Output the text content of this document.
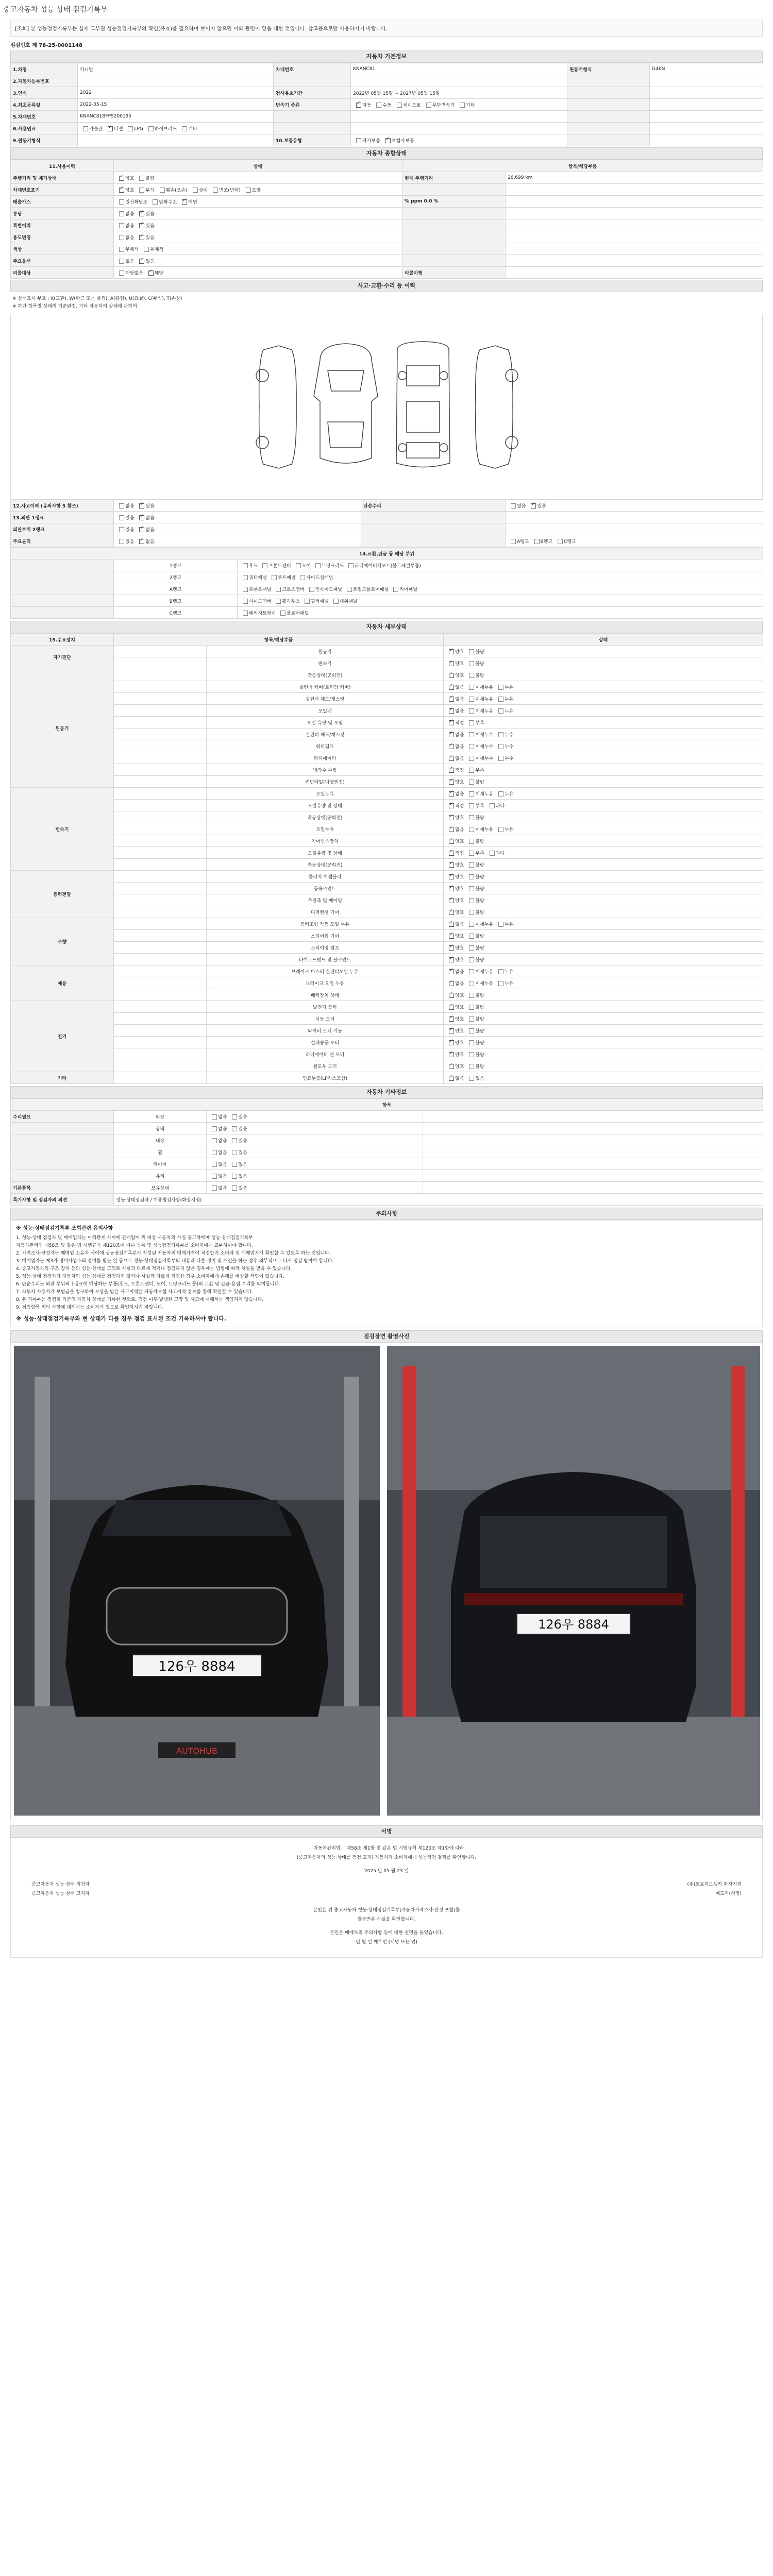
중고자동차 성능 상태 점검기록부
[조회] 본 성능점검기록부는 실제 교부된 성능점검기록부의 확인(유효)을 필요하며 보이지 않으면 이와 관련이 없음 대한 것입니다. 참고용으로만 사용하시기 바랍니다.
점검번호 제 78-25-0001148
자동차 기본정보
1.차명	카니발	차대번호	KNANC81	원동기형식	G4KN
2.자동차등록번호					
3.연식	2022	검사유효기간	2022년 05월 15일 ~ 2027년 05월 15일		
4.최초등록일	2022-05-15	변속기 종류	✓자동 수동 세미오토 무단변속기 기타		
5.차대번호	KNANC81BFPS200195				
6.사용연료	가솔린 ✓ 디젤 LPG 하이브리드 기타				
9.원동기형식		10.보증유형	자가보증 ✓ 보험사보증		
자동차 종합상태
11.사용이력	상태	항목/해당부품	
주행거리 및 계기상태	✓양호 불량	현재 주행거리	26,699 km
차대번호표기	✓양호 부식 훼손(오손) 상이 변조(변타) 도말		
배출가스	일산화탄소 탄화수소 ✓ 매연	% ppm 0.0 %	
튜닝	없음 ✓ 있음		
특별이력	없음 ✓ 있음		
용도변경	없음 ✓ 있음		
색상	무채색 유채색		
주요옵션	없음 ✓ 있음		
리콜대상	해당없음 ✓ 해당	리콜이행	
사고·교환·수리 등 이력
※ 상태표시 부호 : X(교환), W(판금 또는 용접), A(흠집), U(요철), C(부식), T(손상)
※ 하단 항목별 상태의 기준판정, 기타 자동차의 상태에 관하여
12.사고이력 (유의사항 5 참조)	없음 ✓ 있음	단순수리	없음 ✓ 있음
13.외판 1랭크	있음 ✓ 없음		
외판부위 2랭크	있음 ✓ 없음		
주요골격	있음 ✓ 없음		A랭크 B랭크 C랭크
14.교환,판금 등 해당 부위		
	1랭크	후드 프론트펜더 도어 트렁크리드 라디에이터서포트(볼트체결부품)
	2랭크	쿼터패널 루프패널 사이드실패널
	A랭크	프론트패널 크로스멤버 인사이드패널 트렁크플로어패널 리어패널
	B랭크	사이드멤버 휠하우스 필러패널 대쉬패널
	C랭크	패키지트레이 플로어패널
자동차 세부상태
15.주요장치	항목/해당부품		상태
자기진단		원동기	✓양호 불량
		변속기	✓양호 불량
원동기		작동상태(공회전)	✓양호 불량
		실린더 커버(로커암 커버)	✓없음 미세누유 누유
		실린더 헤드/개스킷	✓없음 미세누유 누유
		오일팬	✓없음 미세누유 누유
		오일 유량 및 오염	✓적정 부족
		실린더 헤드/개스킷	✓없음 미세누수 누수
		워터펌프	✓없음 미세누수 누수
		라디에이터	✓없음 미세누수 누수
		냉각수 수량	✓적정 부족
		커먼레일(디젤엔진)	✓양호 불량
변속기		오일누유	✓없음 미세누유 누유
		오일유량 및 상태	✓적정 부족 과다
		작동상태(공회전)	✓양호 불량
		오일누유	✓없음 미세누유 누유
		기어변속장치	✓양호 불량
		오일유량 및 상태	✓적정 부족 과다
		작동상태(공회전)	✓양호 불량
동력전달		클러치 어셈블리	✓양호 불량
		등속조인트	✓양호 불량
		추진축 및 베어링	✓양호 불량
		디퍼렌셜 기어	✓양호 불량
조향		동력조향 작동 오일 누유	✓없음 미세누유 누유
		스티어링 기어	✓양호 불량
		스티어링 펌프	✓양호 불량
		타이로드엔드 및 볼조인트	✓양호 불량
제동		브레이크 마스터 실린더오일 누유	✓없음 미세누유 누유
		브레이크 오일 누유	✓없음 미세누유 누유
		배력장치 상태	✓양호 불량
전기		발전기 출력	✓양호 불량
		시동 모터	✓양호 불량
		와이퍼 모터 기능	✓양호 불량
		실내송풍 모터	✓양호 불량
		라디에이터 팬 모터	✓양호 불량
		윈도우 모터	✓양호 불량
기타		연료누출(LP가스포함)	✓없음 있음
자동차 기타정보
항목			
수리필요	외장	없음 있음	
	광택	없음 있음	
	내장	없음 있음	
	휠	없음 있음	
	타이어	없음 있음	
	유리	없음 있음	
기본품목	보유상태	없음 있음	
특기사항 및 점검자의 의견	성능·상태점검자 / 이종청검사장(화장지점)		
주의사항
※ 성능·상태점검기록부 조회관련 유의사항
1. 성능·상태 점검자 및 매매업자는 이해관계 사이에 관계없이 위 대상 사동차의 사실 중고차매매 성능 상태점검기록부
자동차관리법 제58조 및 같은 법 시행규칙 제120조에 따른 등록 및 성능점검기록부를 소비자에게 교부하여야 합니다.
2. 가격조사·산정자는 매매업 소유자 사이에 성능점검기록부가 작성된 자동차의 매매가격이 적정한지 소비자 및 매매업자가 확인할 수 있도록 하는 것입니다.
3. 매매업자는 제3자 정비사업소의 정비를 받는 일 등으로 성능·상태점검기록부의 내용과 다른 정비 및 개선을 하는 경우 의무적으로 다시 점검 받아야 합니다.
4. 중고자동차의 구조·장치 등의 성능·상태를 고의로 사실과 다르게 적거나 점검하지 않은 경우에는 법령에 따라 처벌을 받을 수 있습니다.
5. 성능·상태 점검자가 자동차의 성능·상태를 점검하지 않거나 사실과 다르게 점검한 경우 소비자에게 손해를 배상할 책임이 있습니다.
6. 단순수리는 외판 부위의 1랭크에 해당하는 부품(후드, 프론트펜더, 도어, 트렁크리드 등)의 교환 및 판금·용접 수리를 의미합니다.
7. 자동차 사용자가 보험금을 청구하여 보상을 받은 사고이력은 자동차보험 사고이력 정보를 통해 확인할 수 있습니다.
8. 본 기록부는 점검일 기준의 자동차 상태를 기록한 것으로, 점검 이후 발생한 고장 및 사고에 대해서는 책임지지 않습니다.
9. 점검항목 외의 사항에 대해서는 소비자가 별도로 확인하시기 바랍니다.
※ 성능·상태점검기록부와 현 상태가 다를 경우 점검 표시된 조건 기록하셔야 합니다.
점검장면 촬영사진
126우 8884
AUTOHUB
126우 8884
서명
「자동차관리법」 제58조 제1항 및 같은 법 시행규칙 제120조 제1항에 따라
(중고자동차의 성능·상태를 점검·고지) 자동차가 소비자에게 성능점검 결과를 확인합니다.
2025 년 05 월 23 일
중고자동차 성능·상태 점검자	(주)오토허브셀카 화장지점
중고자동차 성능·상태 고지자	매도자(서명)
본인은 위 중고자동차 성능·상태점검기록부(자동차가격조사·산정 포함)를
발급받은 사실을 확인합니다.
본인은 매매자의 주의사항 등에 대한 설명을 들었습니다.
년 월 일 매수인 (서명 또는 인)
